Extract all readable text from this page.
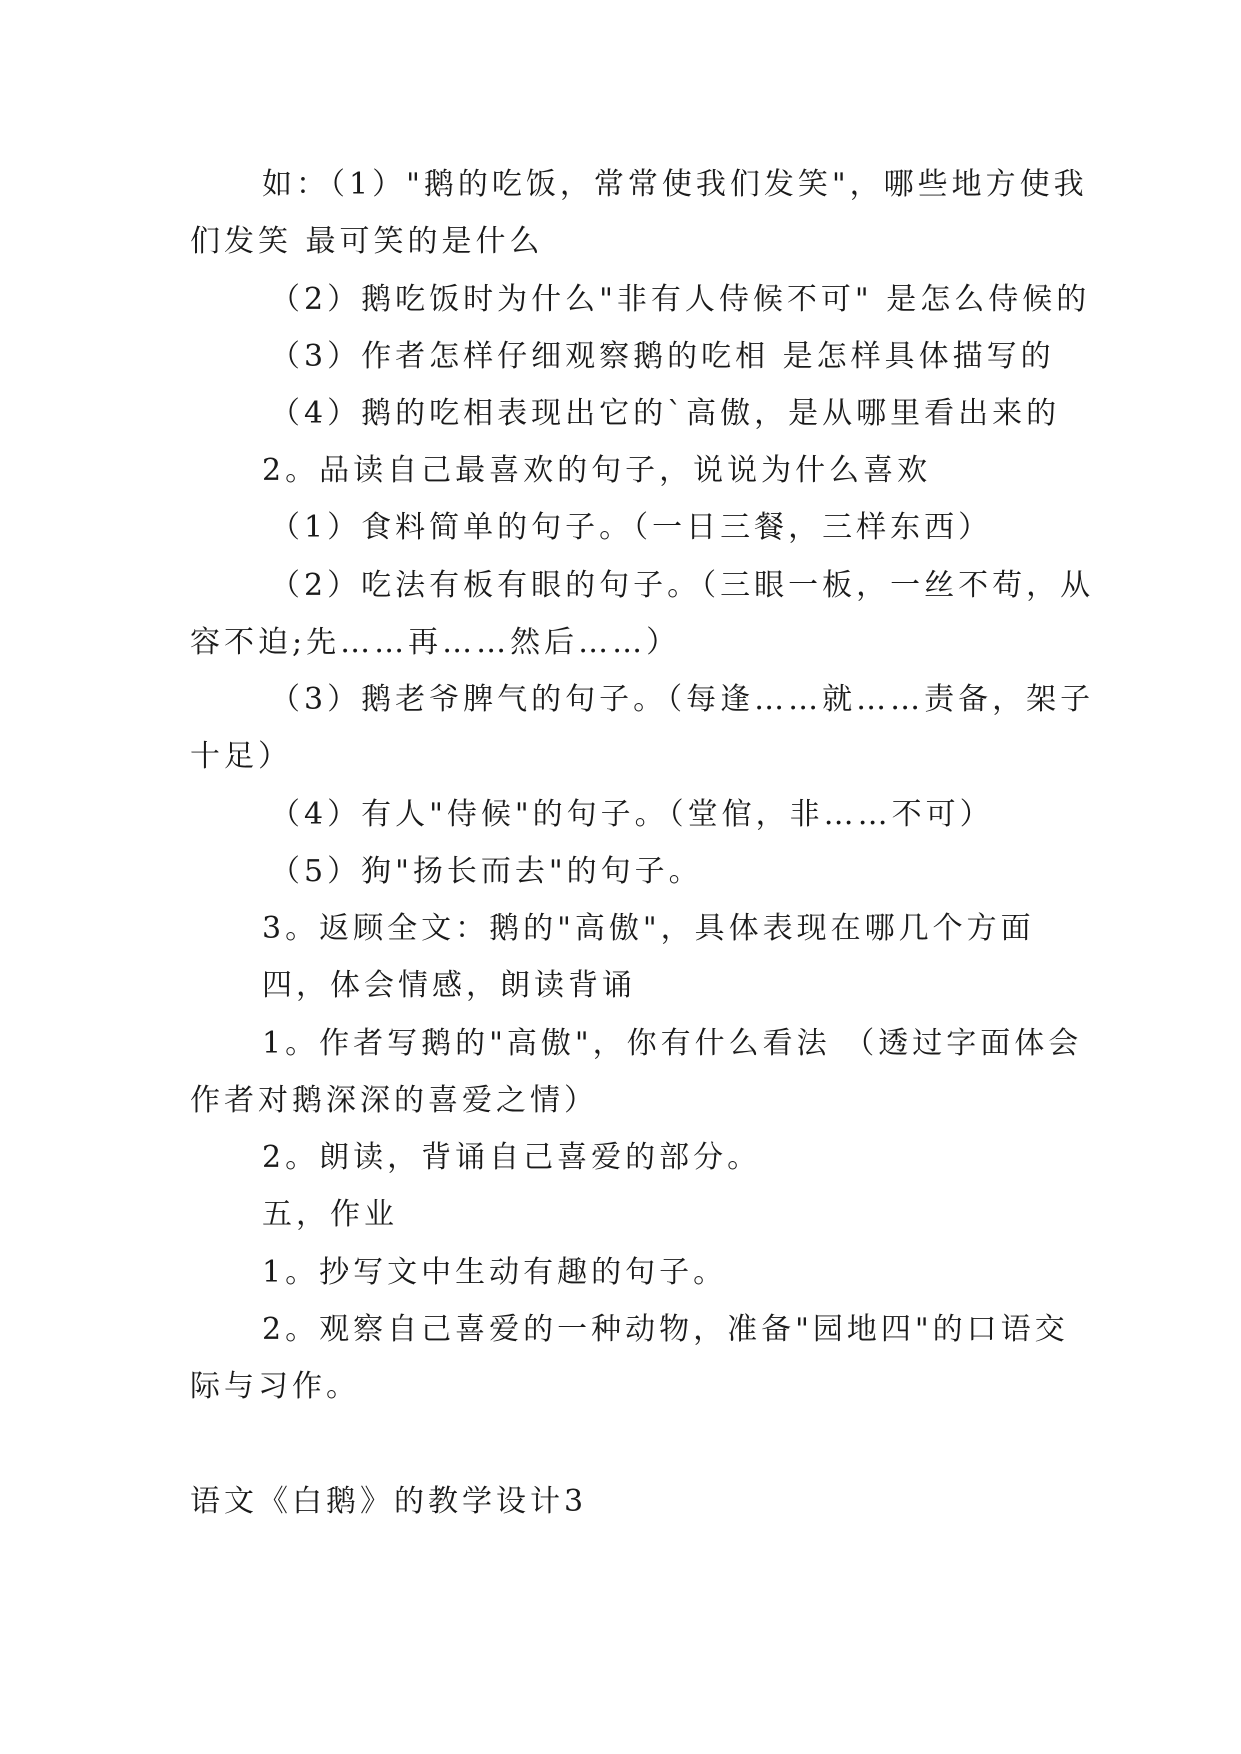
如：（1）"鹅的吃饭，常常使我们发笑"，哪些地方使我
们发笑 最可笑的是什么
（2）鹅吃饭时为什么"非有人侍候不可" 是怎么侍候的
（3）作者怎样仔细观察鹅的吃相 是怎样具体描写的
（4）鹅的吃相表现出它的`高傲，是从哪里看出来的
2。品读自己最喜欢的句子，说说为什么喜欢
（1）食料简单的句子。（一日三餐，三样东西）
（2）吃法有板有眼的句子。（三眼一板，一丝不苟，从
容不迫;先……再……然后……）
（3）鹅老爷脾气的句子。（每逢……就……责备，架子
十足）
（4）有人"侍候"的句子。（堂倌，非……不可）
（5）狗"扬长而去"的句子。
3。返顾全文：鹅的"高傲"，具体表现在哪几个方面
四，体会情感，朗读背诵
1。作者写鹅的"高傲"，你有什么看法 （透过字面体会
作者对鹅深深的喜爱之情）
2。朗读，背诵自己喜爱的部分。
五，作业
1。抄写文中生动有趣的句子。
2。观察自己喜爱的一种动物，准备"园地四"的口语交
际与习作。
语文《白鹅》的教学设计3
